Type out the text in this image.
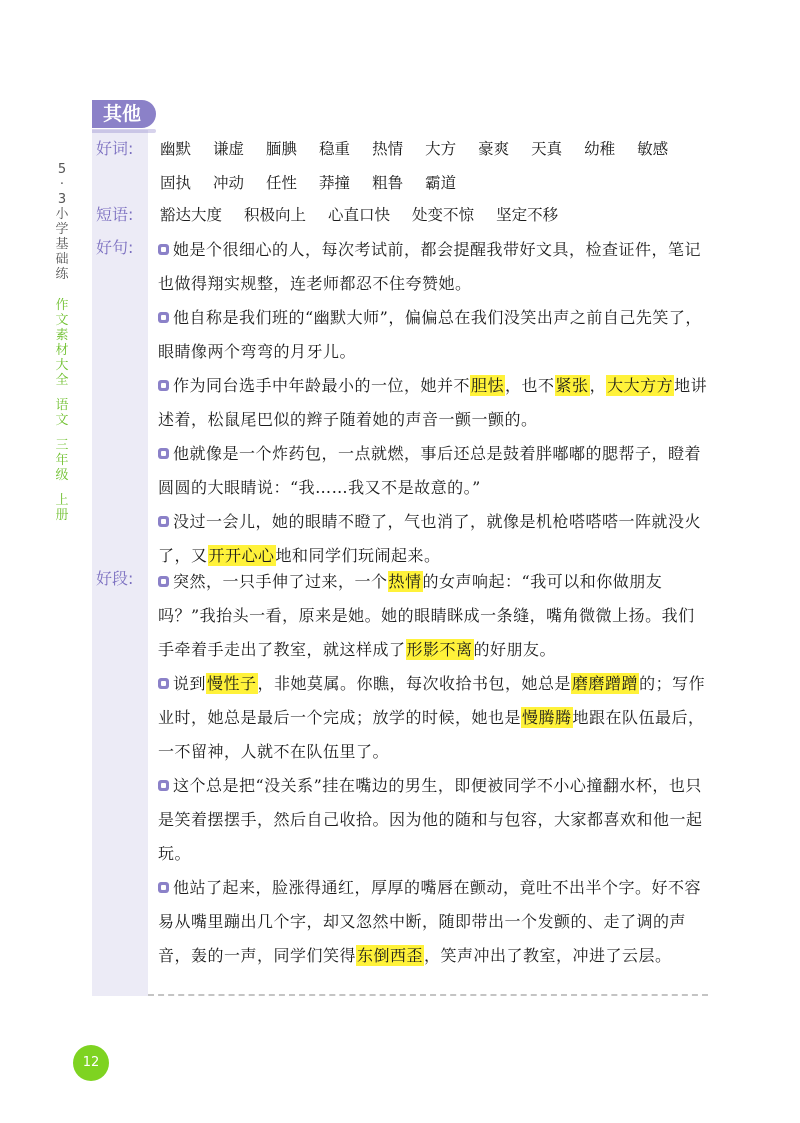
5
·
3
小
学
基
础
练
作
文
素
材
大
全
语
文
三
年
级
上
册
其他
好词:
短语:
好句:
好段:
幽默 谦虚 腼腆 稳重 热情 大方 豪爽 天真 幼稚 敏感
固执 冲动 任性 莽撞 粗鲁 霸道
豁达大度 积极向上 心直口快 处变不惊 坚定不移
她是个很细心的人，每次考试前，都会提醒我带好文具，检查证件，笔记也做得翔实规整，连老师都忍不住夸赞她。
他自称是我们班的“幽默大师”，偏偏总在我们没笑出声之前自己先笑了，眼睛像两个弯弯的月牙儿。
作为同台选手中年龄最小的一位，她并不胆怯，也不紧张，大大方方地讲述着，松鼠尾巴似的辫子随着她的声音一颤一颤的。
他就像是一个炸药包，一点就燃，事后还总是鼓着胖嘟嘟的腮帮子，瞪着圆圆的大眼睛说：“我……我又不是故意的。”
没过一会儿，她的眼睛不瞪了，气也消了，就像是机枪嗒嗒嗒一阵就没火了，又开开心心地和同学们玩闹起来。
突然，一只手伸了过来，一个热情的女声响起：“我可以和你做朋友吗？”我抬头一看，原来是她。她的眼睛眯成一条缝，嘴角微微上扬。我们手牵着手走出了教室，就这样成了形影不离的好朋友。
说到慢性子，非她莫属。你瞧，每次收拾书包，她总是磨磨蹭蹭的；写作业时，她总是最后一个完成；放学的时候，她也是慢腾腾地跟在队伍最后，一不留神，人就不在队伍里了。
这个总是把“没关系”挂在嘴边的男生，即便被同学不小心撞翻水杯，也只是笑着摆摆手，然后自己收拾。因为他的随和与包容，大家都喜欢和他一起玩。
他站了起来，脸涨得通红，厚厚的嘴唇在颤动，竟吐不出半个字。好不容易从嘴里蹦出几个字，却又忽然中断，随即带出一个发颤的、走了调的声音，轰的一声，同学们笑得东倒西歪，笑声冲出了教室，冲进了云层。
12
